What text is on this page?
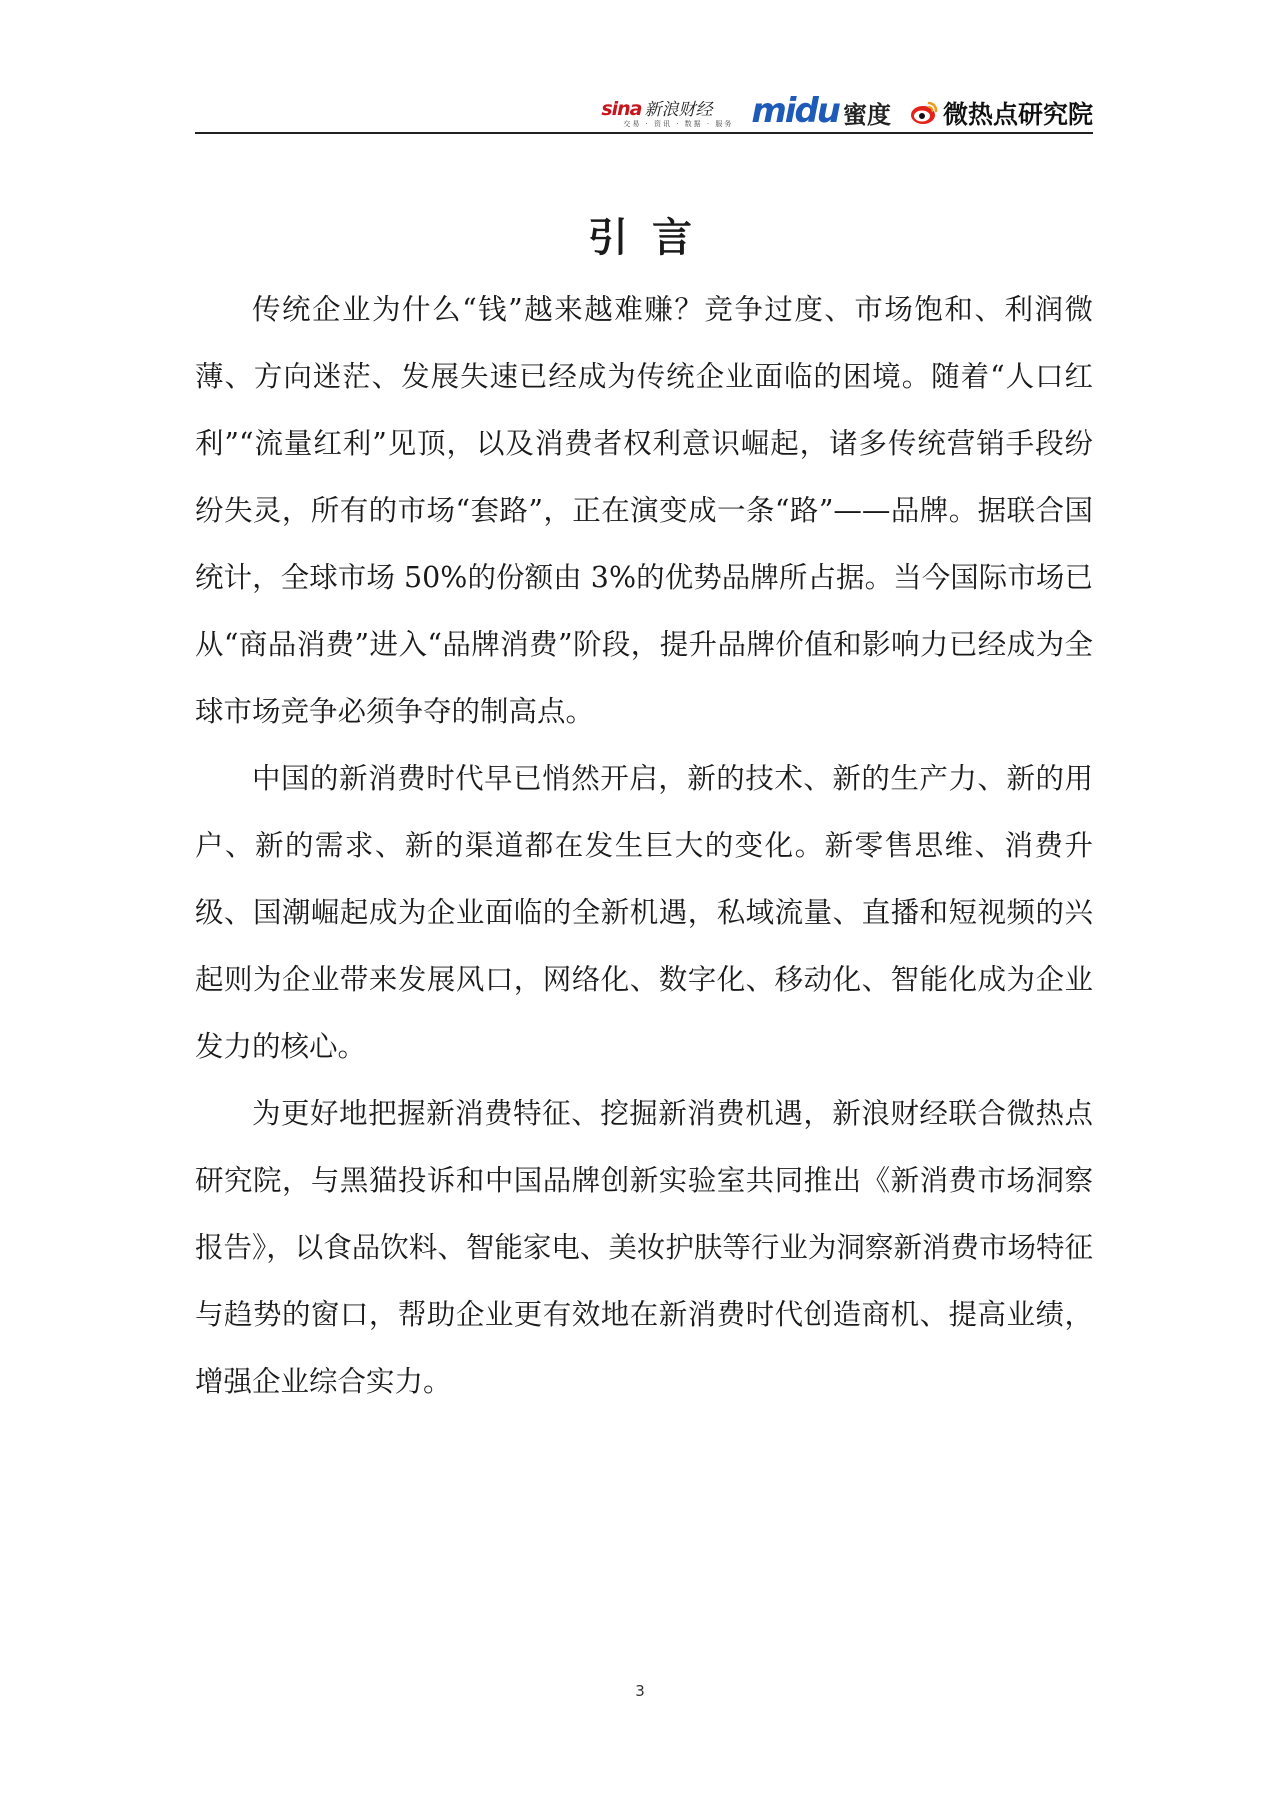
sina 新浪财经
交易 · 资讯 · 数据 · 服务 midu 蜜度 微热点研究院
引言

传统企业为什么“钱”越来越难赚？竞争过度、市场饱和、利润微薄、方向迷茫、发展失速已经成为传统企业面临的困境。随着“人口红利”“流量红利”见顶，以及消费者权利意识崛起，诸多传统营销手段纷纷失灵，所有的市场“套路”，正在演变成一条“路”——品牌。据联合国统计，全球市场 50%的份额由 3%的优势品牌所占据。当今国际市场已从“商品消费”进入“品牌消费”阶段，提升品牌价值和影响力已经成为全球市场竞争必须争夺的制高点。

中国的新消费时代早已悄然开启，新的技术、新的生产力、新的用户、新的需求、新的渠道都在发生巨大的变化。新零售思维、消费升级、国潮崛起成为企业面临的全新机遇，私域流量、直播和短视频的兴起则为企业带来发展风口，网络化、数字化、移动化、智能化成为企业发力的核心。

为更好地把握新消费特征、挖掘新消费机遇，新浪财经联合微热点研究院，与黑猫投诉和中国品牌创新实验室共同推出《新消费市场洞察报告》，以食品饮料、智能家电、美妆护肤等行业为洞察新消费市场特征与趋势的窗口，帮助企业更有效地在新消费时代创造商机、提高业绩，增强企业综合实力。

3
